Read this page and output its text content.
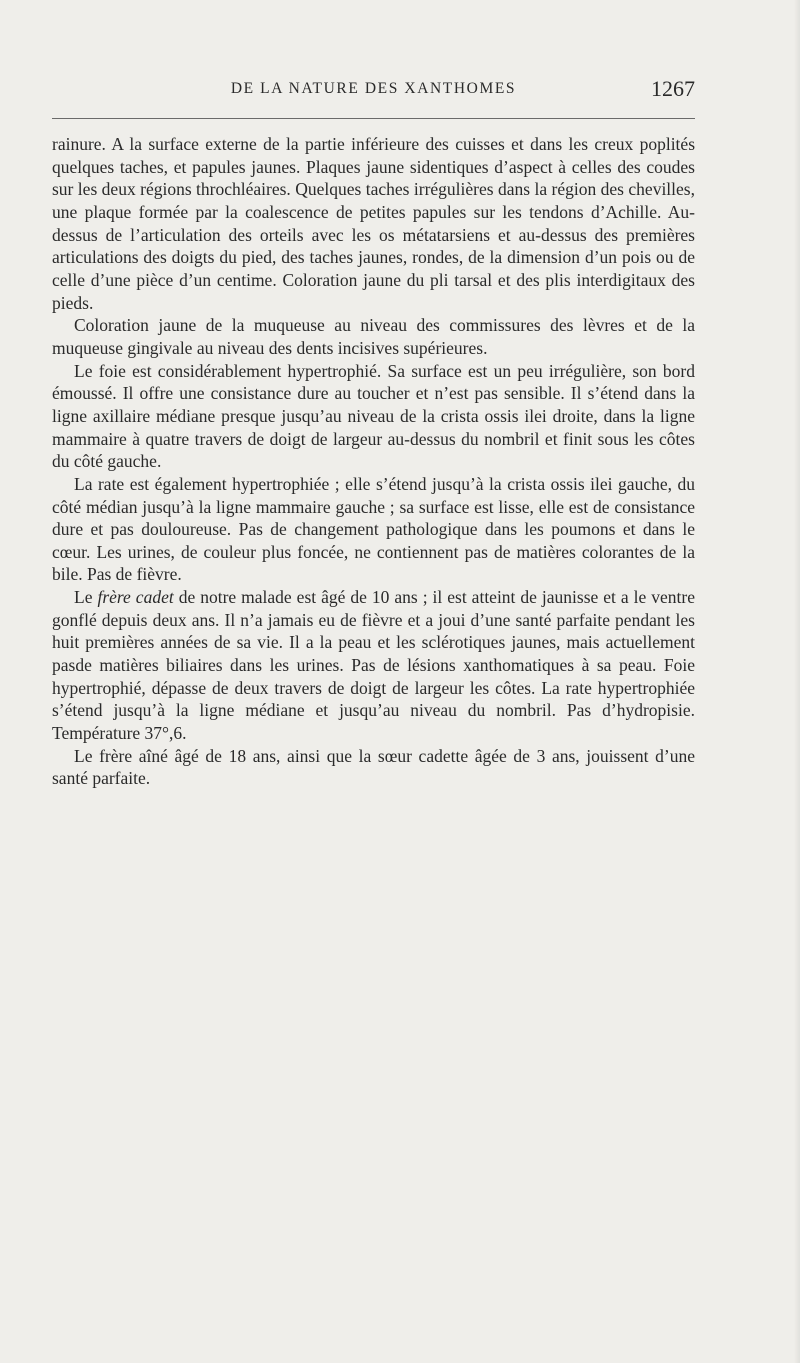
DE LA NATURE DES XANTHOMES	1267

rainure. A la surface externe de la partie inférieure des cuisses et dans les creux poplités quelques taches, et papules jaunes. Plaques jaune sidentiques d’aspect à celles des coudes sur les deux régions throchléaires. Quelques taches irrégulières dans la région des chevilles, une plaque formée par la coalescence de petites papules sur les tendons d’Achille. Au-dessus de l’articulation des orteils avec les os métatarsiens et au-dessus des premières articulations des doigts du pied, des taches jaunes, rondes, de la dimension d’un pois ou de celle d’une pièce d’un centime. Coloration jaune du pli tarsal et des plis interdigitaux des pieds.

Coloration jaune de la muqueuse au niveau des commissures des lèvres et de la muqueuse gingivale au niveau des dents incisives supérieures.

Le foie est considérablement hypertrophié. Sa surface est un peu irrégulière, son bord émoussé. Il offre une consistance dure au toucher et n’est pas sensible. Il s’étend dans la ligne axillaire médiane presque jusqu’au niveau de la crista ossis ilei droite, dans la ligne mammaire à quatre travers de doigt de largeur au-dessus du nombril et finit sous les côtes du côté gauche.

La rate est également hypertrophiée ; elle s’étend jusqu’à la crista ossis ilei gauche, du côté médian jusqu’à la ligne mammaire gauche ; sa surface est lisse, elle est de consistance dure et pas douloureuse. Pas de changement pathologique dans les poumons et dans le cœur. Les urines, de couleur plus foncée, ne contiennent pas de matières colorantes de la bile. Pas de fièvre.

Le frère cadet de notre malade est âgé de 10 ans ; il est atteint de jaunisse et a le ventre gonflé depuis deux ans. Il n’a jamais eu de fièvre et a joui d’une santé parfaite pendant les huit premières années de sa vie. Il a la peau et les sclérotiques jaunes, mais actuellement pasde matières biliaires dans les urines. Pas de lésions xanthomatiques à sa peau. Foie hypertrophié, dépasse de deux travers de doigt de largeur les côtes. La rate hypertrophiée s’étend jusqu’à la ligne médiane et jusqu’au niveau du nombril. Pas d’hydropisie. Température 37°,6.

Le frère aîné âgé de 18 ans, ainsi que la sœur cadette âgée de 3 ans, jouissent d’une santé parfaite.
